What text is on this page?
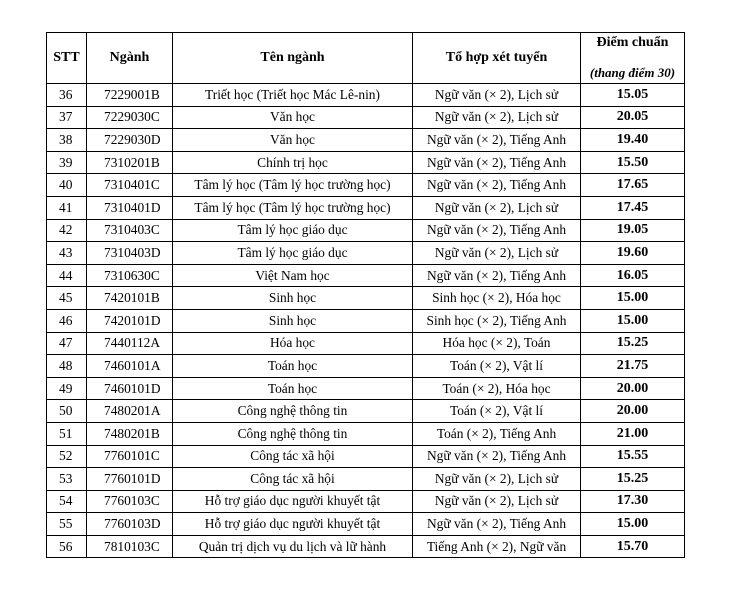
STT	Ngành	Tên ngành	Tổ hợp xét tuyển	Điểm chuẩn
(thang điểm 30)

36	7229001B	Triết học (Triết học Mác Lê-nin)	Ngữ văn (× 2), Lịch sử	15.05
37	7229030C	Văn học	Ngữ văn (× 2), Lịch sử	20.05
38	7229030D	Văn học	Ngữ văn (× 2), Tiếng Anh	19.40
39	7310201B	Chính trị học	Ngữ văn (× 2), Tiếng Anh	15.50
40	7310401C	Tâm lý học (Tâm lý học trường học)	Ngữ văn (× 2), Tiếng Anh	17.65
41	7310401D	Tâm lý học (Tâm lý học trường học)	Ngữ văn (× 2), Lịch sử	17.45
42	7310403C	Tâm lý học giáo dục	Ngữ văn (× 2), Tiếng Anh	19.05
43	7310403D	Tâm lý học giáo dục	Ngữ văn (× 2), Lịch sử	19.60
44	7310630C	Việt Nam học	Ngữ văn (× 2), Tiếng Anh	16.05
45	7420101B	Sinh học	Sinh học (× 2), Hóa học	15.00
46	7420101D	Sinh học	Sinh học (× 2), Tiếng Anh	15.00
47	7440112A	Hóa học	Hóa học (× 2), Toán	15.25
48	7460101A	Toán học	Toán (× 2), Vật lí	21.75
49	7460101D	Toán học	Toán (× 2), Hóa học	20.00
50	7480201A	Công nghệ thông tin	Toán (× 2), Vật lí	20.00
51	7480201B	Công nghệ thông tin	Toán (× 2), Tiếng Anh	21.00
52	7760101C	Công tác xã hội	Ngữ văn (× 2), Tiếng Anh	15.55
53	7760101D	Công tác xã hội	Ngữ văn (× 2), Lịch sử	15.25
54	7760103C	Hỗ trợ giáo dục người khuyết tật	Ngữ văn (× 2), Lịch sử	17.30
55	7760103D	Hỗ trợ giáo dục người khuyết tật	Ngữ văn (× 2), Tiếng Anh	15.00
56	7810103C	Quản trị dịch vụ du lịch và lữ hành	Tiếng Anh (× 2), Ngữ văn	15.70
